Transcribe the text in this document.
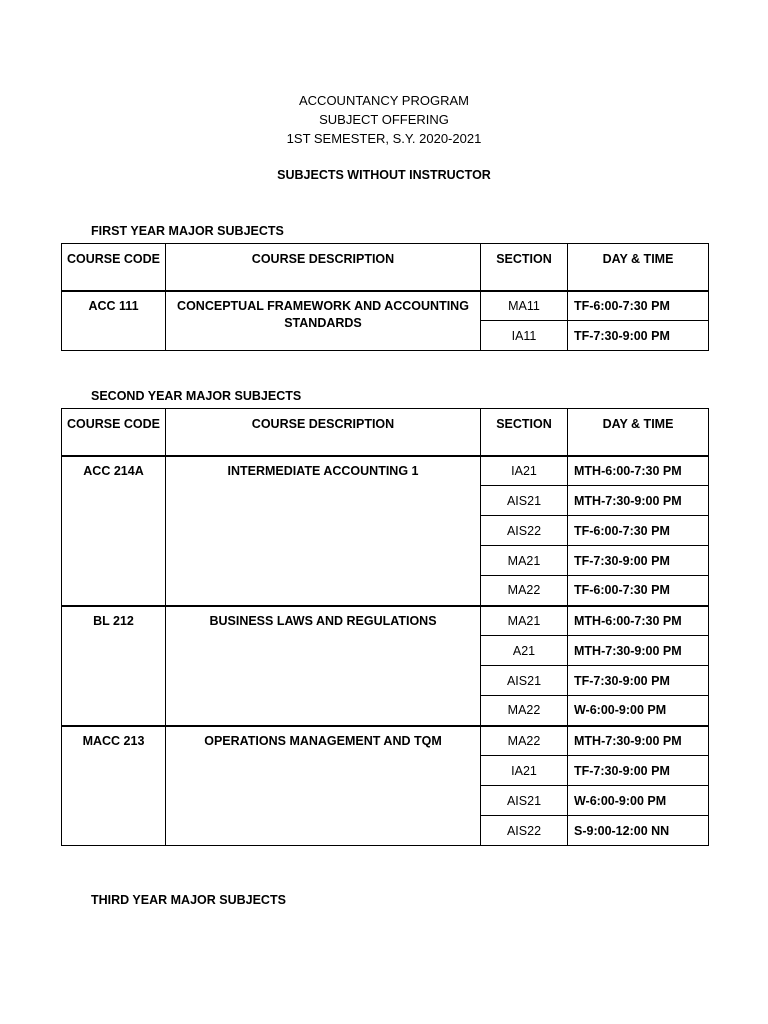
ACCOUNTANCY PROGRAM
SUBJECT OFFERING
1ST SEMESTER, S.Y. 2020-2021
SUBJECTS WITHOUT INSTRUCTOR
FIRST YEAR MAJOR SUBJECTS
COURSE CODE	COURSE DESCRIPTION	SECTION	DAY & TIME
ACC 111	CONCEPTUAL FRAMEWORK AND ACCOUNTING STANDARDS	MA11	TF-6:00-7:30 PM
		IA11	TF-7:30-9:00 PM
SECOND YEAR MAJOR SUBJECTS
COURSE CODE	COURSE DESCRIPTION	SECTION	DAY & TIME
ACC 214A	INTERMEDIATE ACCOUNTING 1	IA21	MTH-6:00-7:30 PM
		AIS21	MTH-7:30-9:00 PM
		AIS22	TF-6:00-7:30 PM
		MA21	TF-7:30-9:00 PM
		MA22	TF-6:00-7:30 PM
BL 212	BUSINESS LAWS AND REGULATIONS	MA21	MTH-6:00-7:30 PM
		A21	MTH-7:30-9:00 PM
		AIS21	TF-7:30-9:00 PM
		MA22	W-6:00-9:00 PM
MACC 213	OPERATIONS MANAGEMENT AND TQM	MA22	MTH-7:30-9:00 PM
		IA21	TF-7:30-9:00 PM
		AIS21	W-6:00-9:00 PM
		AIS22	S-9:00-12:00 NN
THIRD YEAR MAJOR SUBJECTS
